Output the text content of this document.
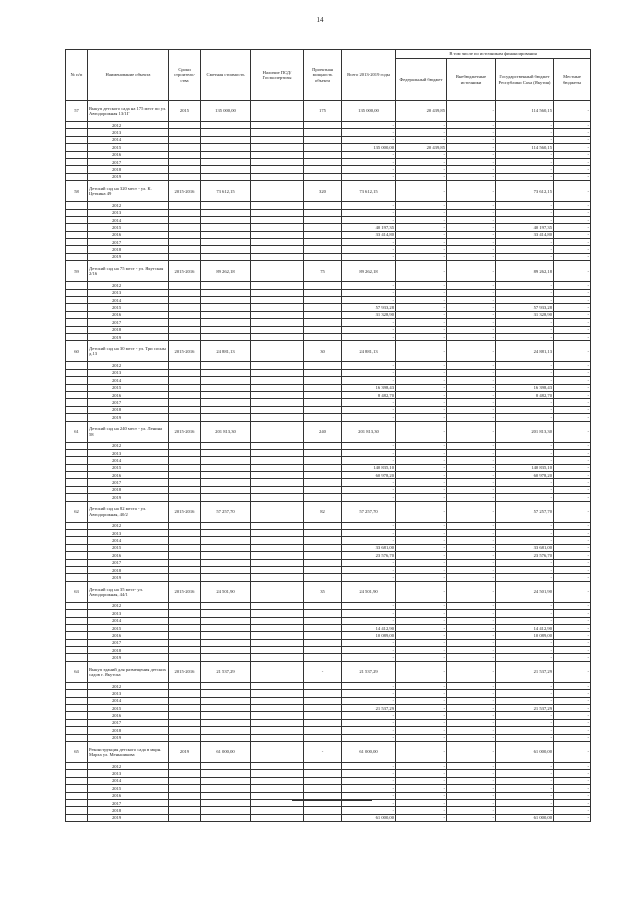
14
№ п/п	Наименование объекта	Сроки строитель-ства	Сметная стоимость	Наличие ПСД/ Госэкспертизы	Проектная мощность объекта	Всего 2013-2019 годы	В том числе по источникам финансирования			
							Федеральный бюджет	Внебюджетные источники	Государственный бюджет Республики Саха (Якутия)	Местные бюджеты
57	Выкуп детского сада на 175 мест по ул. Автодорожная 13/1Г	2015	135 000,00		175	135 000,00	20 439,85	-	114 560,15	-
	2012					-	-	-	-	-
	2013					-	-	-	-	-
	2014					-	-	-	-	-
	2015					135 000,00	20 439,85	-	114 560,15	-
	2016					-	-	-	-	-
	2017					-	-	-	-	-
	2018					-	-	-	-	-
	2019					-	-	-	-	-
58	Детский сад на 320 мест - ул. К. Цеткина 49	2015-2016	73 612,15		320	73 612,15	-	-	73 612,15	-
	2012					-	-	-	-	-
	2013					-	-	-	-	-
	2014					-	-	-	-	-
	2015					40 197,35	-	-	40 197,35	-
	2016					33 414,80	-	-	33 414,80	-
	2017					-	-	-	-	-
	2018					-	-	-	-	-
	2019					-	-	-	-	-
59	Детский сад на 75 мест - ул. Якутская 2/16	2015-2016	89 262,18		75	89 262,18	-	-	89 262,18	-
	2012					-	-	-	-	-
	2013					-	-	-	-	-
	2014					-	-	-	-	-
	2015					57 933,28	-	-	57 933,28	-
	2016					31 328,90	-	-	31 328,90	-
	2017					-	-	-	-	-
	2018					-	-	-	-	-
	2019					-	-	-	-	-
60	Детский сад на 30 мест - ул. Три сосны д.13	2015-2016	24 881,13		30	24 881,13	-	-	24 881,13	-
	2012					-	-	-	-	-
	2013					-	-	-	-	-
	2014					-	-	-	-	-
	2015					16 398,43	-	-	16 398,43	-
	2016					8 482,70	-	-	8 482,70	-
	2017					-	-	-	-	-
	2018					-	-	-	-	-
	2019					-	-	-	-	-
61	Детский сад на 240 мест - ул. Ленина 58	2015-2016	201 813,30		240	201 813,30	-	-	201 813,30	-
	2012					-	-	-	-	-
	2013					-	-	-	-	-
	2014					-	-	-	-	-
	2015					140 835,10	-	-	140 835,10	-
	2016					60 978,20	-	-	60 978,20	-
	2017					-	-	-	-	-
	2018					-	-	-	-	-
	2019					-	-	-	-	-
62	Детский сад на 82 места - ул. Автодорожная, 40/2	2015-2016	57 257,70		82	57 257,70	-	-	57 257,70	-
	2012					-	-	-	-	-
	2013					-	-	-	-	-
	2014					-	-	-	-	-
	2015					33 681,00	-	-	33 681,00	-
	2016					23 576,70	-	-	23 576,70	-
	2017					-	-	-	-	-
	2018					-	-	-	-	-
	2019					-	-	-	-	-
63	Детский сад на 35 мест- ул. Автодорожная, 44/1	2015-2016	24 501,90		35	24 501,90	-	-	24 501,90	-
	2012					-	-	-	-	-
	2013					-	-	-	-	-
	2014					-	-	-	-	-
	2015					14 412,90	-	-	14 412,90	-
	2016					10 089,00	-	-	10 089,00	-
	2017					-	-	-	-	-
	2018					-	-	-	-	-
	2019					-	-	-	-	-
64	Выкуп зданий для размещения детских садов г. Якутска	2015-2016	21 537,29		-	21 537,29	-	-	21 537,29	-
	2012					-	-	-	-	-
	2013					-	-	-	-	-
	2014					-	-	-	-	-
	2015					21 537,29	-	-	21 537,29	-
	2016					-	-	-	-	-
	2017					-	-	-	-	-
	2018					-	-	-	-	-
	2019					-	-	-	-	-
65	Реконструкция детского сада в мкрн. Марха ул. Меньшикова	2019	61 000,00		-	61 000,00	-	-	61 000,00	-
	2012					-	-	-	-	-
	2013					-	-	-	-	-
	2014					-	-	-	-	-
	2015					-	-	-	-	-
	2016					-	-	-	-	-
	2017					-	-	-	-	-
	2018					-	-	-	-	-
	2019					61 000,00	-	-	61 000,00	-
